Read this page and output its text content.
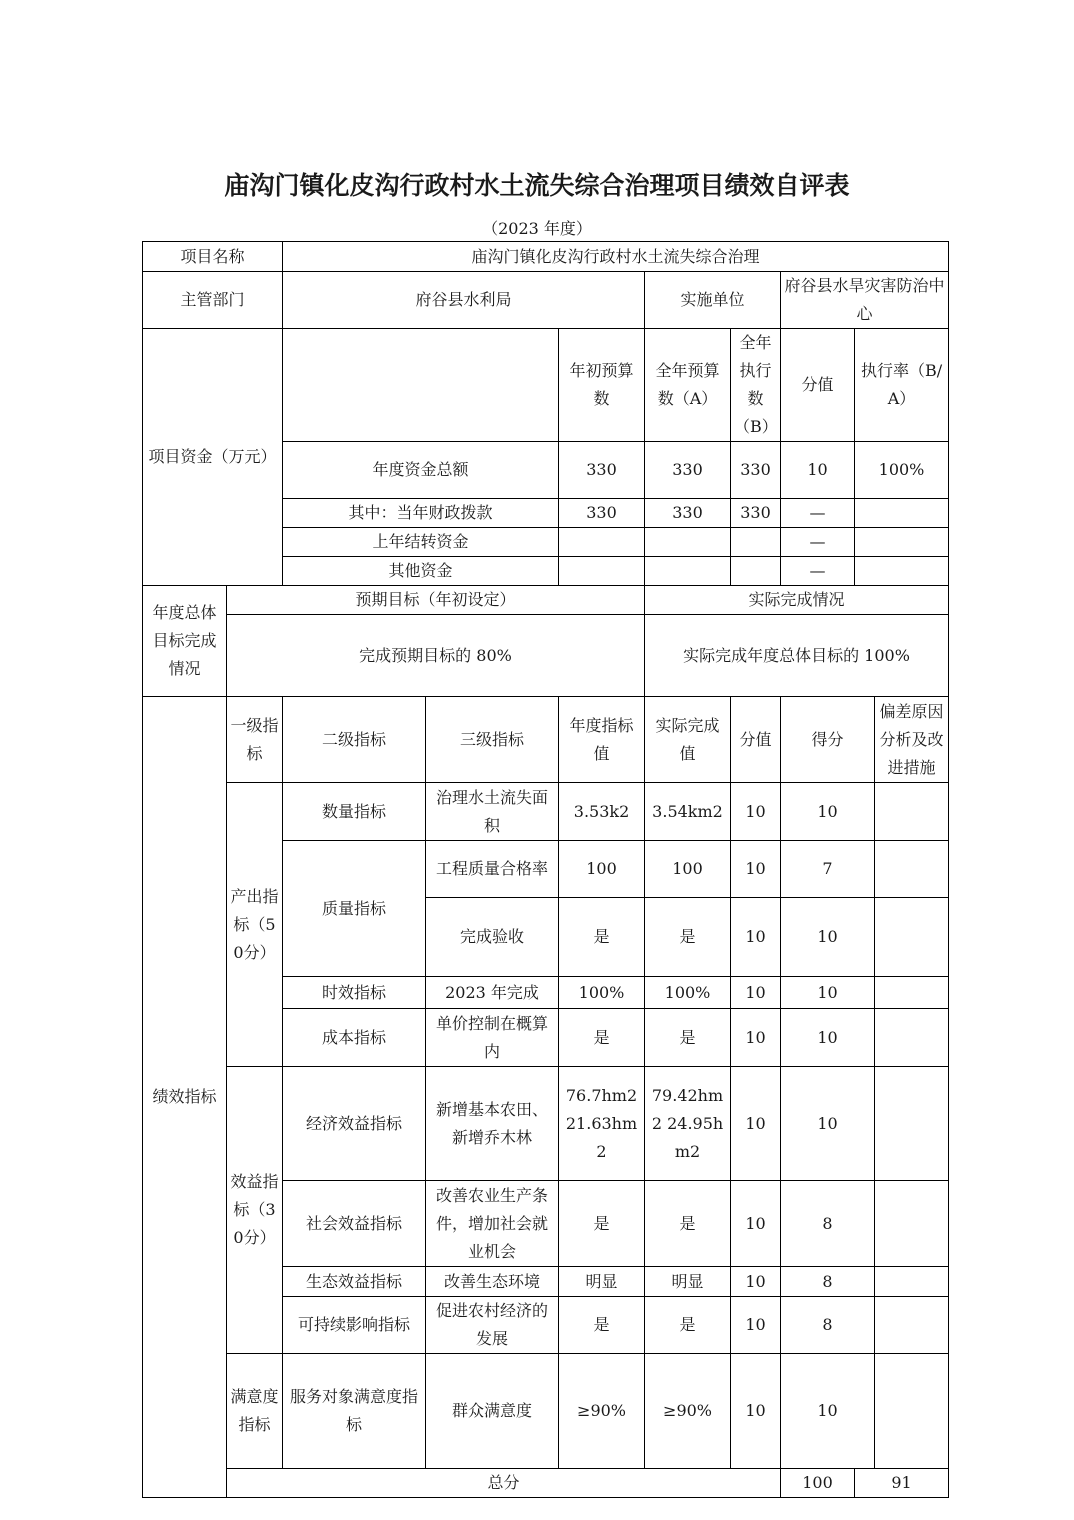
庙沟门镇化皮沟行政村水土流失综合治理项目绩效自评表
（2023 年度）
项目名称		庙沟门镇化皮沟行政村水土流失综合治理								
主管部门		府谷县水利局			实施单位		府谷县水旱灾害防治中心			

项目资金（万元）				年初预算数	全年预算数（A）	全年执行数（B）	分值	执行率（B/A）	
		年度资金总额		330	330	330	10	100%	
		其中：当年财政拨款		330	330	330	—		
		上年结转资金					—		
		其他资金					—		
年度总体目标完成情况	预期目标（年初设定）				实际完成情况					
	完成预期目标的 80%				实际完成年度总体目标的 100%					
绩效指标	一级指标	二级指标	三级指标	年度指标值	实际完成值	分值	得分		偏差原因分析及改进措施	
	产出指标（50分）	数量指标	治理水土流失面积	3.53k2	3.54km2	10	10			
		质量指标	工程质量合格率	100	100	10	7			
			完成验收	是	是	10	10			
		时效指标	2023 年完成	100%	100%	10	10			
		成本指标	单价控制在概算内	是	是	10	10			
	效益指标（30分）	经济效益指标	新增基本农田、新增乔木林	76.7hm2 21.63hm2	79.42hm2 24.95hm2	10	10			
		社会效益指标	改善农业生产条件，增加社会就业机会	是	是	10	8			
		生态效益指标	改善生态环境	明显	明显	10	8			
		可持续影响指标	促进农村经济的发展	是	是	10	8			
	满意度指标	服务对象满意度指标	群众满意度	≥90%	≥90%	10	10			
	总分						100	91		
